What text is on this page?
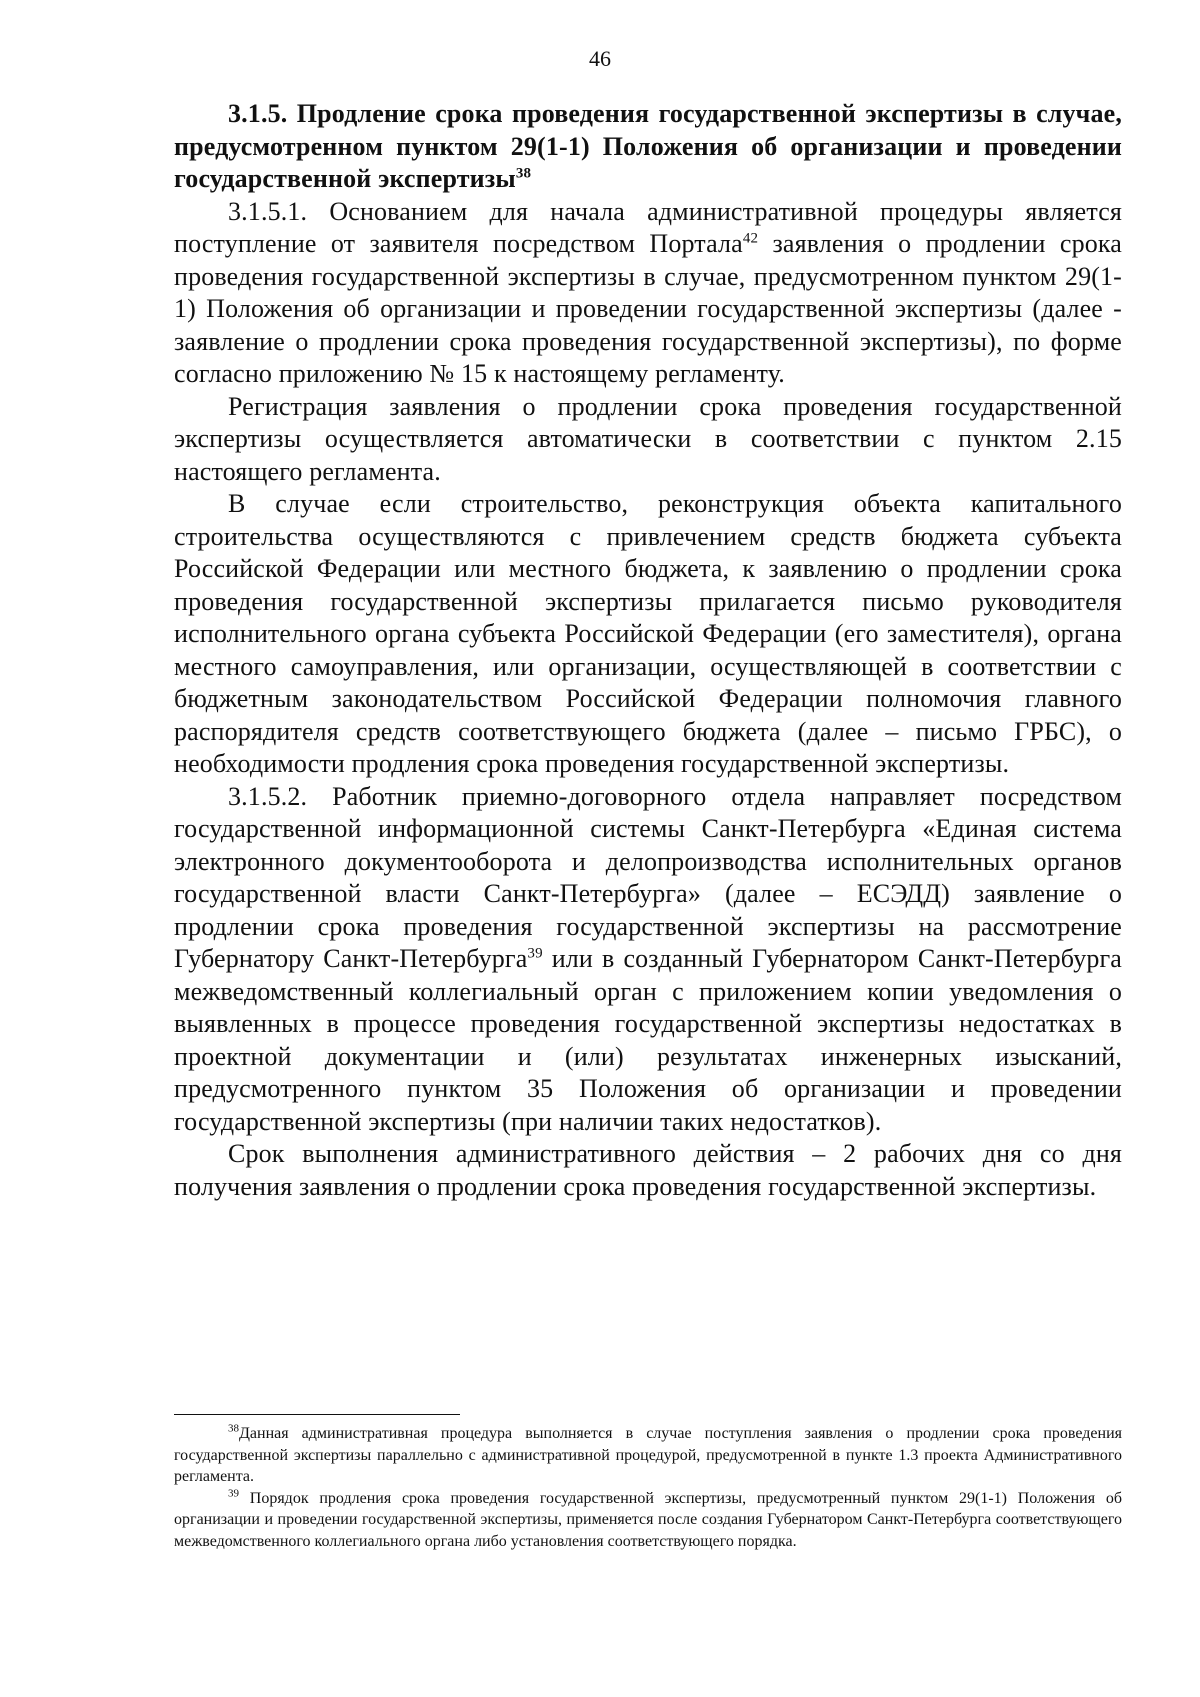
46

3.1.5. Продление срока проведения государственной экспертизы в случае, предусмотренном пунктом 29(1-1) Положения об организации и проведении государственной экспертизы$^{38}$

3.1.5.1. Основанием для начала административной процедуры является поступление от заявителя посредством Портала$^{42}$ заявления о продлении срока проведения государственной экспертизы в случае, предусмотренном пунктом 29(1-1) Положения об организации и проведении государственной экспертизы (далее - заявление о продлении срока проведения государственной экспертизы), по форме согласно приложению № 15 к настоящему регламенту.

Регистрация заявления о продлении срока проведения государственной экспертизы осуществляется автоматически в соответствии с пунктом 2.15 настоящего регламента.

В случае если строительство, реконструкция объекта капитального строительства осуществляются с привлечением средств бюджета субъекта Российской Федерации или местного бюджета, к заявлению о продлении срока проведения государственной экспертизы прилагается письмо руководителя исполнительного органа субъекта Российской Федерации (его заместителя), органа местного самоуправления, или организации, осуществляющей в соответствии с бюджетным законодательством Российской Федерации полномочия главного распорядителя средств соответствующего бюджета (далее – письмо ГРБС), о необходимости продления срока проведения государственной экспертизы.

3.1.5.2. Работник приемно-договорного отдела направляет посредством государственной информационной системы Санкт-Петербурга «Единая система электронного документооборота и делопроизводства исполнительных органов государственной власти Санкт-Петербурга» (далее – ЕСЭДД) заявление о продлении срока проведения государственной экспертизы на рассмотрение Губернатору Санкт-Петербурга$^{39}$ или в созданный Губернатором Санкт-Петербурга межведомственный коллегиальный орган с приложением копии уведомления о выявленных в процессе проведения государственной экспертизы недостатках в проектной документации и (или) результатах инженерных изысканий, предусмотренного пунктом 35 Положения об организации и проведении государственной экспертизы (при наличии таких недостатков).

Срок выполнения административного действия – 2 рабочих дня со дня получения заявления о продлении срока проведения государственной экспертизы.

$^{38}$Данная административная процедура выполняется в случае поступления заявления о продлении срока проведения государственной экспертизы параллельно с административной процедурой, предусмотренной в пункте 1.3 проекта Административного регламента.

$^{39}$ Порядок продления срока проведения государственной экспертизы, предусмотренный пунктом 29(1-1) Положения об организации и проведении государственной экспертизы, применяется после создания Губернатором Санкт-Петербурга соответствующего межведомственного коллегиального органа либо установления соответствующего порядка.
